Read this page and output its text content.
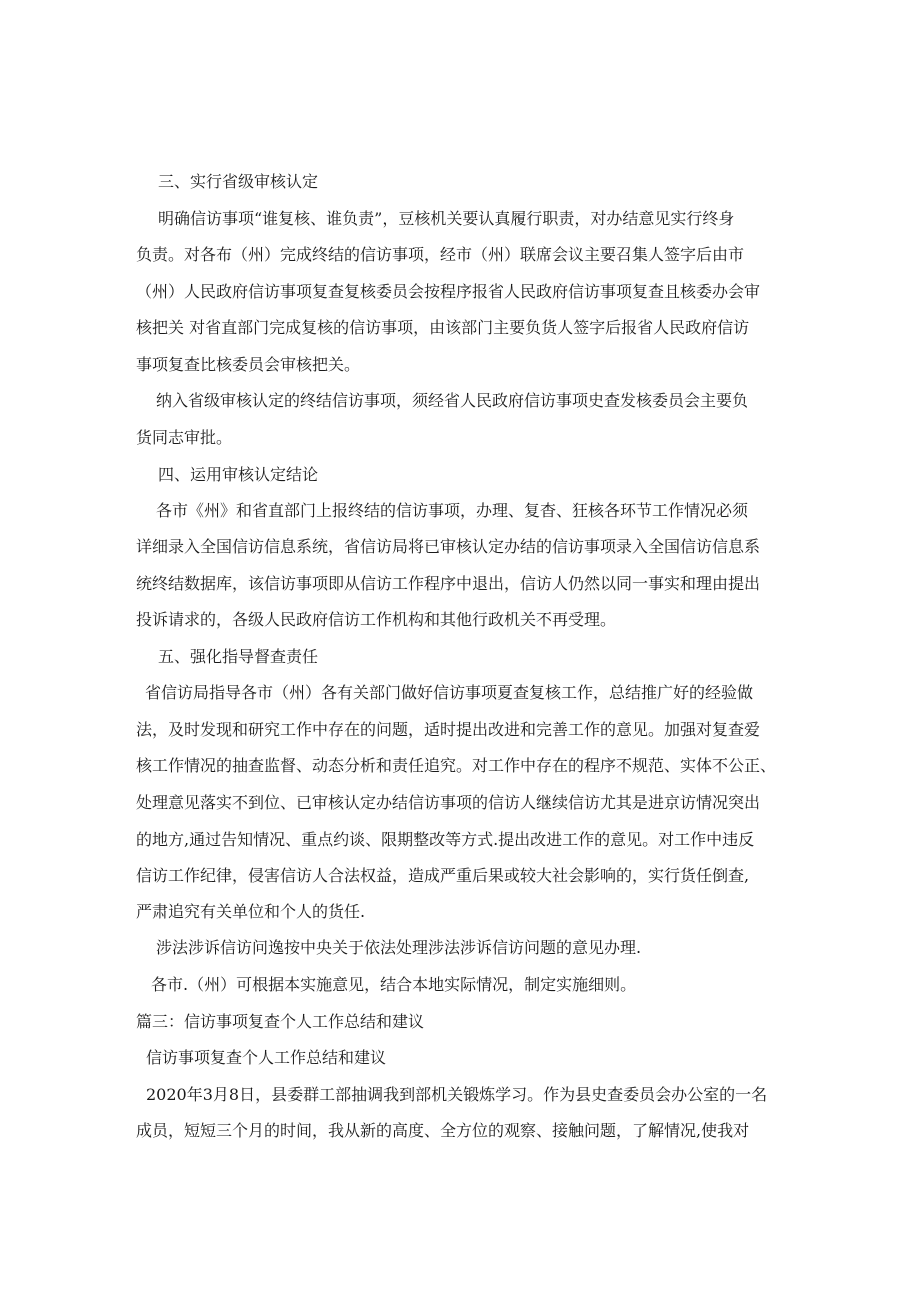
三、实行省级审核认定

明确信访事项“谁复核、谁负责”，豆核机关要认真履行职责，对办结意见实行终身

负责。对各布（州）完成终结的信访事项，经市（州）联席会议主要召集人签字后由市

（州）人民政府信访事项复查复核委员会按程序报省人民政府信访事项复查且核委办会审

核把关 对省直部门完成复核的信访事项，由该部门主要负货人签字后报省人民政府信访

事项复查比核委员会审核把关。

纳入省级审核认定的终结信访事项，须经省人民政府信访事项史查发核委员会主要负

货同志审批。

四、运用审核认定结论

各市《州》和省直部门上报终结的信访事项，办理、复杳、狂核各环节工作情况必须

详细录入全国信访信息系统，省信访局将已审核认定办结的信访事项录入全国信访信息系

统终结数据库，该信访事项即从信访工作程序中退出，信访人仍然以同一事实和理由提出

投诉请求的，各级人民政府信访工作机构和其他行政机关不再受理。

五、强化指导督查责任

省信访局指导各市（州）各有关部门做好信访事项夏查复核工作，总结推广好的经验做

法，及时发现和研究工作中存在的问题，适时提出改进和完善工作的意见。加强对复查爱

核工作情况的抽查监督、动态分析和责任追究。对工作中存在的程序不规范、实体不公正、

处理意见落实不到位、已审核认定办结信访事项的信访人继续信访尤其是进京访情况突出

的地方,通过告知情况、重点约谈、限期整改等方式.提出改进工作的意见。对工作中违反

信访工作纪律，侵害信访人合法权益，造成严重后果或较大社会影响的，实行货任倒查,

严肃追究有关单位和个人的货任.

涉法涉诉信访问逸按中央关于依法处理涉法涉诉信访问题的意见办理.

各市.（州）可根据本实施意见，结合本地实际情况，制定实施细则。

篇三：信访事项复查个人工作总结和建议

信访事项复查个人工作总结和建议

2020年3月8日，县委群工部抽调我到部机关锻炼学习。作为县史查委员会办公室的一名

成员，短短三个月的时间，我从新的高度、全方位的观察、接触问题，了解情况,使我对
